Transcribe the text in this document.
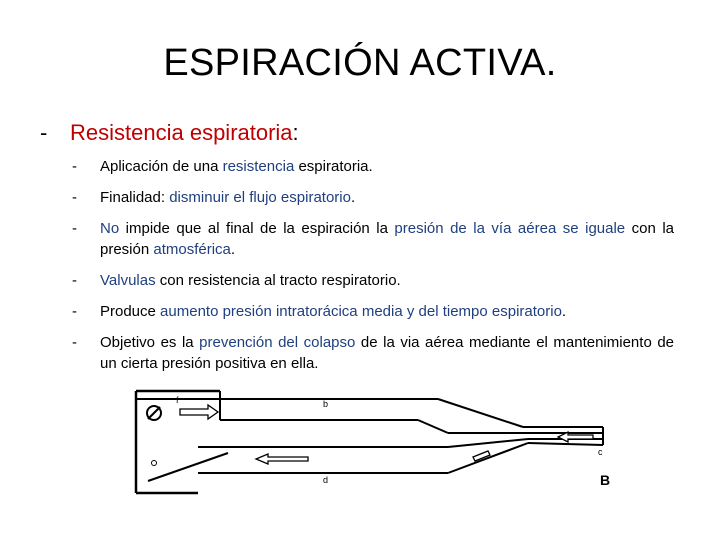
ESPIRACIÓN ACTIVA.
- Resistencia espiratoria:
- Aplicación de una resistencia espiratoria.
- Finalidad: disminuir el flujo espiratorio.
- No impide que al final de la espiración la presión de la vía aérea se iguale con la presión atmosférica.
- Valvulas con resistencia al tracto respiratorio.
- Produce aumento presión intratorácica media y del tiempo espiratorio.
- Objetivo es la prevención del colapso de la via aérea mediante el mantenimiento de un cierta presión positiva en ella.
f	b
d
c
B
